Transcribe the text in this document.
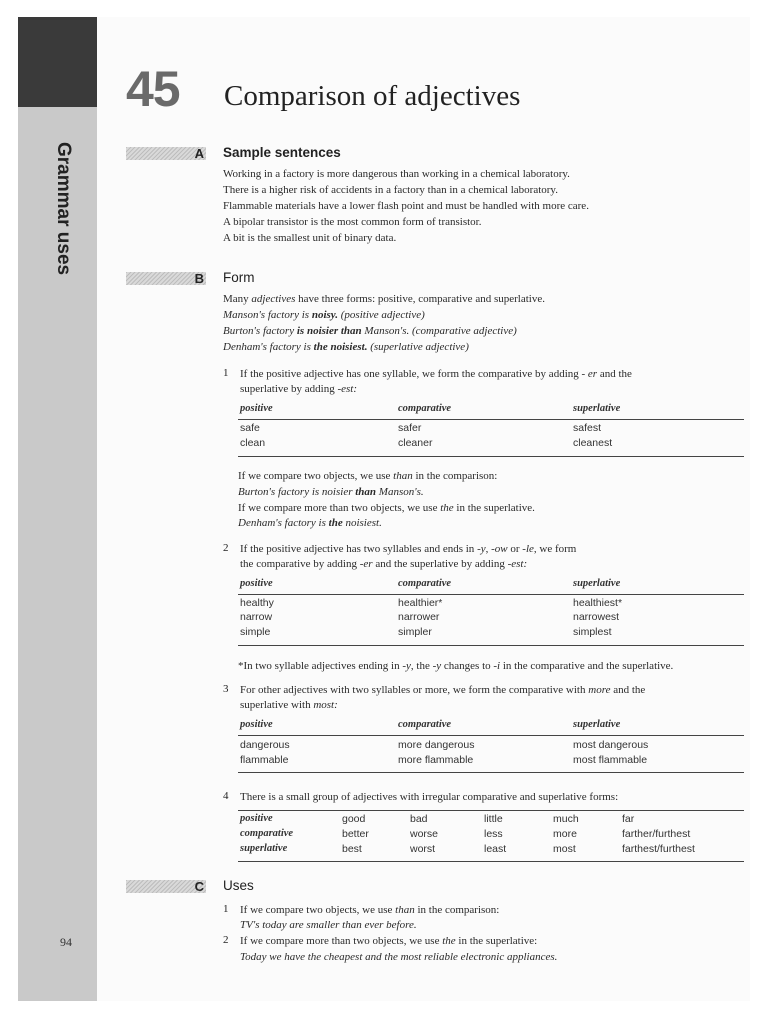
Grammar uses
94
45 Comparison of adjectives
A Sample sentences
Working in a factory is more dangerous than working in a chemical laboratory.
There is a higher risk of accidents in a factory than in a chemical laboratory.
Flammable materials have a lower flash point and must be handled with more care.
A bipolar transistor is the most common form of transistor.
A bit is the smallest unit of binary data.
B Form
Many adjectives have three forms: positive, comparative and superlative.
Manson's factory is noisy. (positive adjective)
Burton's factory is noisier than Manson's. (comparative adjective)
Denham's factory is the noisiest. (superlative adjective)
1 If the positive adjective has one syllable, we form the comparative by adding - er and the
superlative by adding -est:
positive	comparative	superlative
safe	safer	safest
clean	cleaner	cleanest
If we compare two objects, we use than in the comparison:
Burton's factory is noisier than Manson's.
If we compare more than two objects, we use the in the superlative.
Denham's factory is the noisiest.
2 If the positive adjective has two syllables and ends in -y, -ow or -le, we form
the comparative by adding -er and the superlative by adding -est:
positive	comparative	superlative
healthy	healthier*	healthiest*
narrow	narrower	narrowest
simple	simpler	simplest
*In two syllable adjectives ending in -y, the -y changes to -i in the comparative and the superlative.
3 For other adjectives with two syllables or more, we form the comparative with more and the
superlative with most:
positive	comparative	superlative
dangerous	more dangerous	most dangerous
flammable	more flammable	most flammable
4 There is a small group of adjectives with irregular comparative and superlative forms:
positive	good	bad	little	much	far
comparative	better	worse	less	more	farther/furthest
superlative	best	worst	least	most	farthest/furthest
C Uses
1 If we compare two objects, we use than in the comparison:
TV's today are smaller than ever before.
2 If we compare more than two objects, we use the in the superlative:
Today we have the cheapest and the most reliable electronic appliances.
